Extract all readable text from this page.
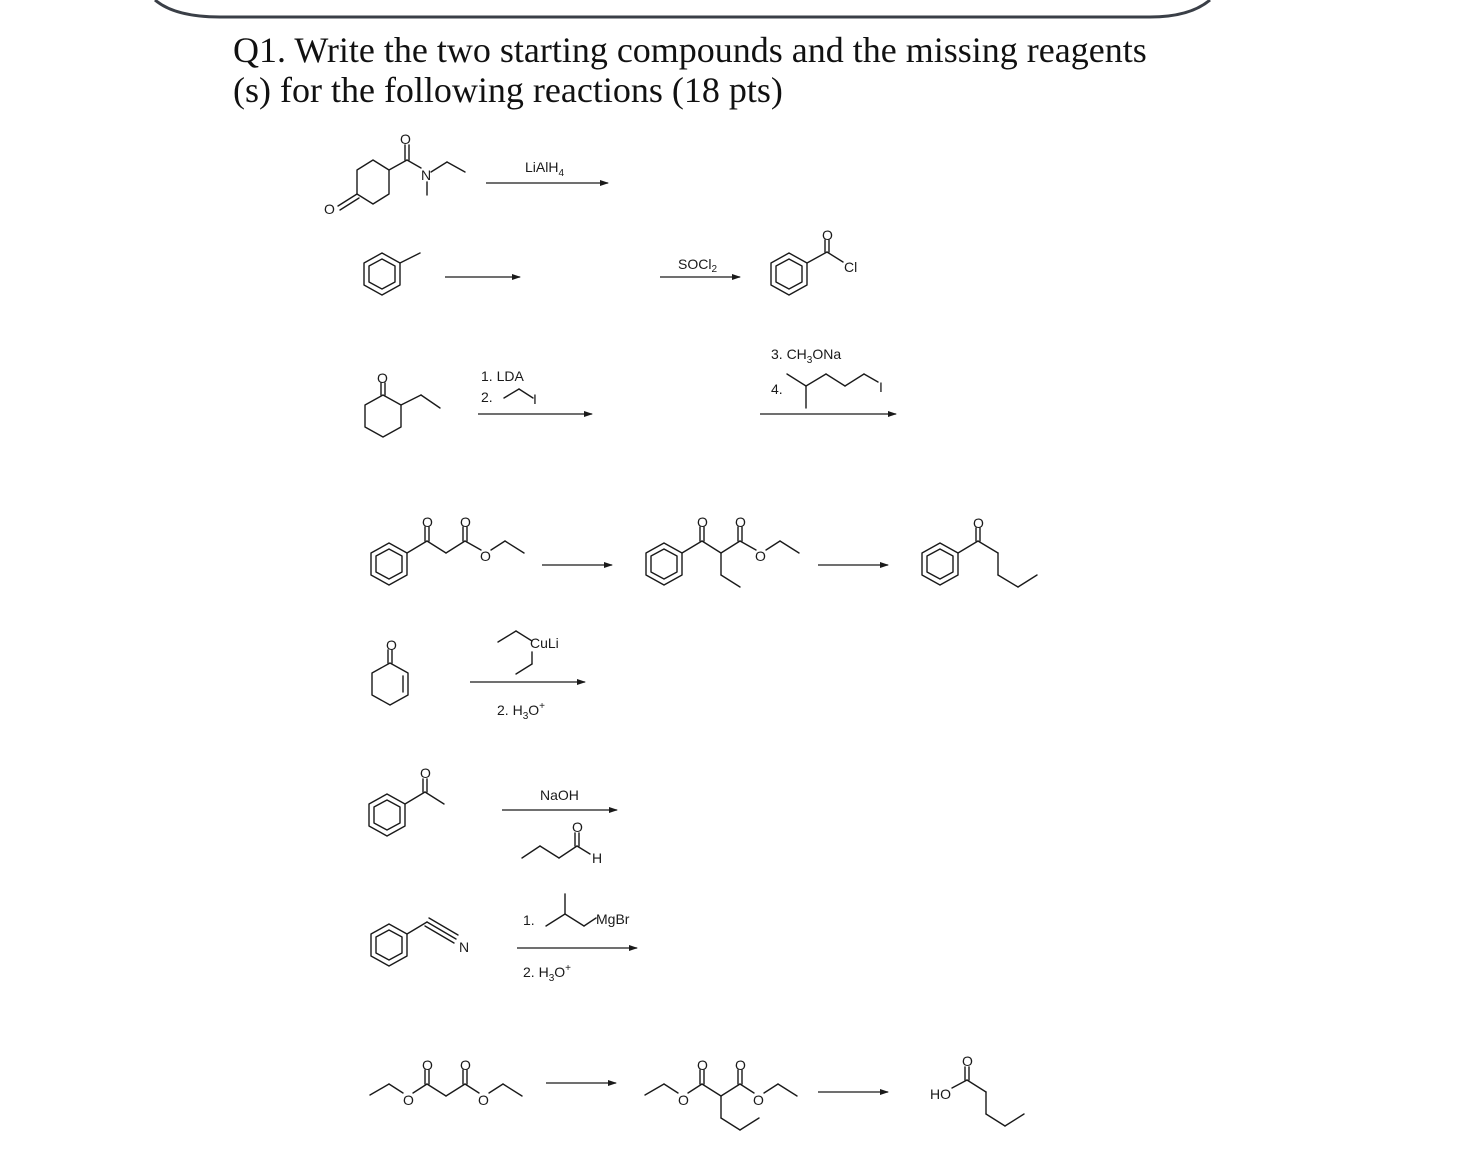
Q1. Write the two starting compounds and the missing reagents
(s) for the following reactions (18 pts)
O
O
N	LiAlH$_4$
SOCl$_2$
O
Cl
O	1. LDA
2.	I
3. $CH_3ONa$
4.	I
O O
O
O O
O
O
O	CuLi
2. $H_3O^+$
O
NaOH
O
H
N
1.	MgBr
2. $H_3O^+$
O
O O
O	O
O O
O	HO
O
